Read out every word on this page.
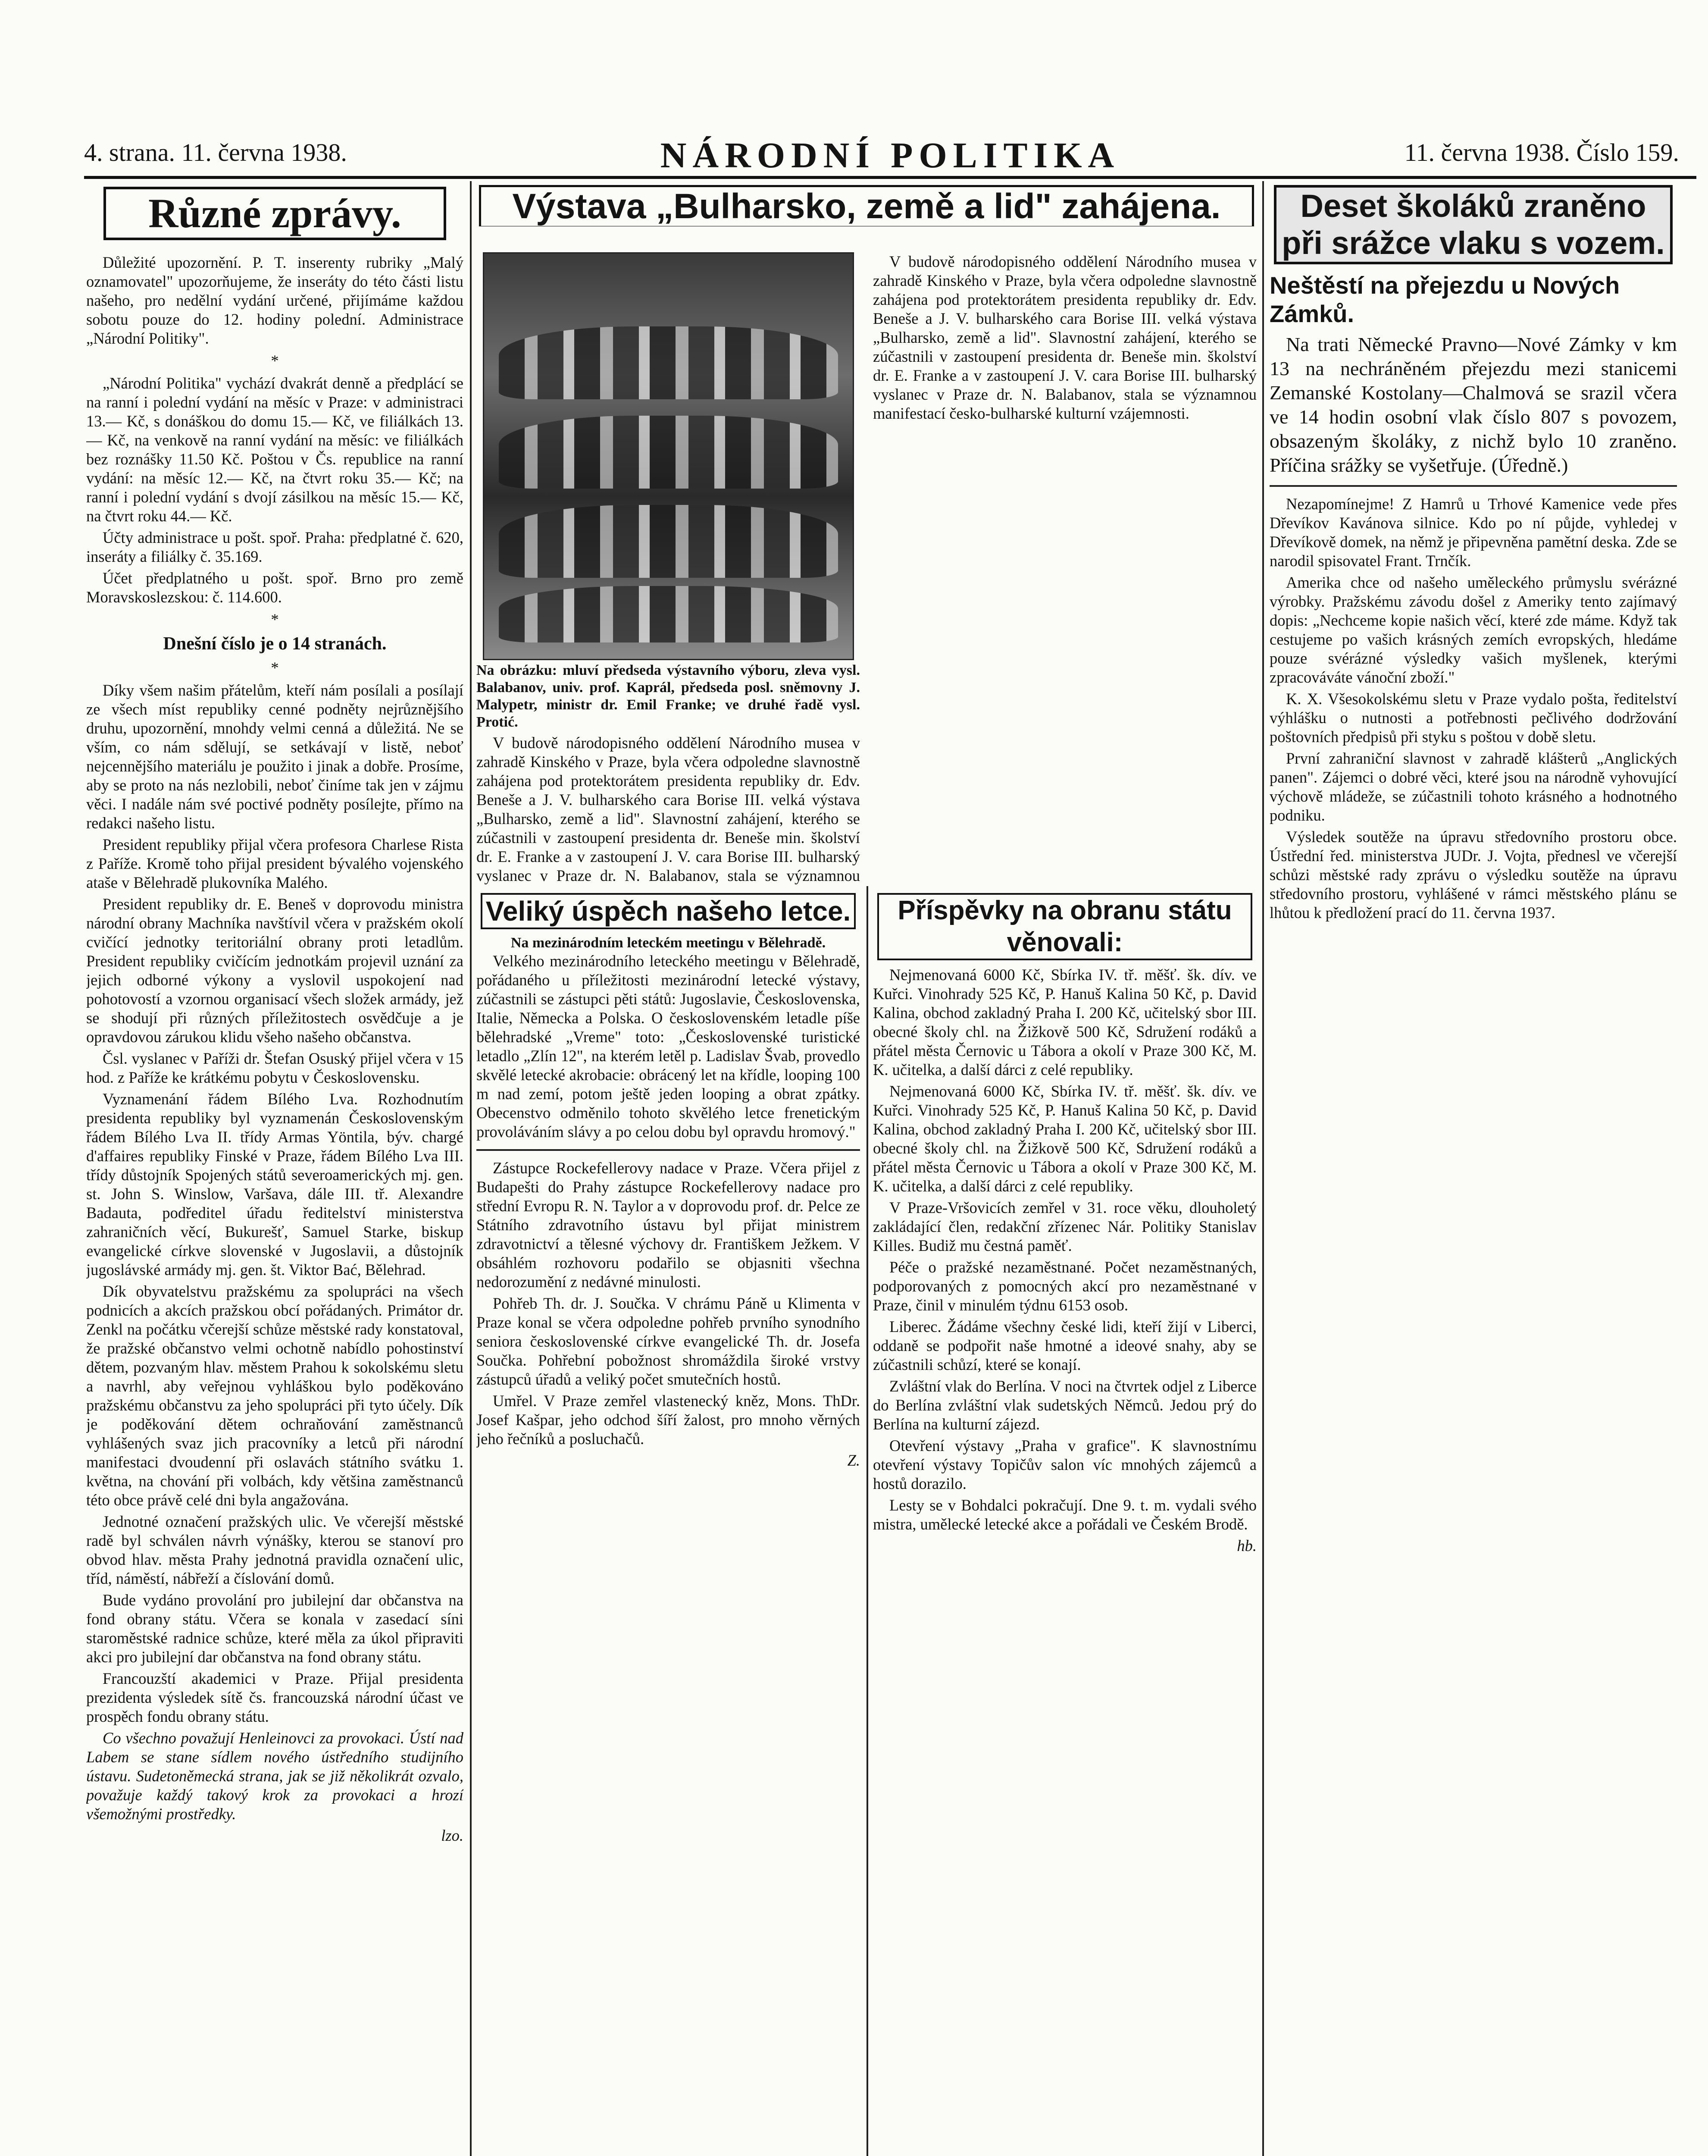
4. strana. 11. června 1938.	NÁRODNÍ POLITIKA	11. června 1938. Číslo 159.
Různé zprávy.

Důležité upozornění. P. T. inserenty rubriky „Malý oznamovatel" upozorňujeme, že inseráty do této části listu našeho, pro nedělní vydání určené, přijímáme každou sobotu pouze do 12. hodiny polední. Administrace „Národní Politiky".

*

„Národní Politika" vychází dvakrát denně a předplácí se na ranní i polední vydání na měsíc v Praze: v administraci 13.— Kč, s donáškou do domu 15.— Kč, ve filiálkách 13.— Kč, na venkově na ranní vydání na měsíc: ve filiálkách bez roznášky 11.50 Kč. Poštou v Čs. republice na ranní vydání: na měsíc 12.— Kč, na čtvrt roku 35.— Kč; na ranní i polední vydání s dvojí zásilkou na měsíc 15.— Kč, na čtvrt roku 44.— Kč.

Účty administrace u pošt. spoř. Praha: předplatné č. 620, inseráty a filiálky č. 35.169.

Účet předplatného u pošt. spoř. Brno pro země Moravskoslezskou: č. 114.600.

*

Dnešní číslo je o 14 stranách.

*

Díky všem našim přátelům, kteří nám posílali a posílají ze všech míst republiky cenné podněty nejrůznějšího druhu, upozornění, mnohdy velmi cenná a důležitá. Ne se vším, co nám sdělují, se setkávají v listě, neboť nejcennějšího materiálu je použito i jinak a dobře. Prosíme, aby se proto na nás nezlobili, neboť činíme tak jen v zájmu věci. I nadále nám své poctivé podněty posílejte, přímo na redakci našeho listu.

President republiky přijal včera profesora Charlese Rista z Paříže. Kromě toho přijal president bývalého vojenského ataše v Bělehradě plukovníka Malého.

President republiky dr. E. Beneš v doprovodu ministra národní obrany Machníka navštívil včera v pražském okolí cvičící jednotky teritoriální obrany proti letadlům. President republiky cvičícím jednotkám projevil uznání za jejich odborné výkony a vyslovil uspokojení nad pohotovostí a vzornou organisací všech složek armády, jež se shodují při různých příležitostech osvědčuje a je opravdovou zárukou klidu všeho našeho občanstva.

Čsl. vyslanec v Paříži dr. Štefan Osuský přijel včera v 15 hod. z Paříže ke krátkému pobytu v Československu.

Vyznamenání řádem Bílého Lva. Rozhodnutím presidenta republiky byl vyznamenán Československým řádem Bílého Lva II. třídy Armas Yöntila, býv. chargé d'affaires republiky Finské v Praze, řádem Bílého Lva III. třídy důstojník Spojených států severoamerických mj. gen. st. John S. Winslow, Varšava, dále III. tř. Alexandre Badauta, podředitel úřadu ředitelství ministerstva zahraničních věcí, Bukurešť, Samuel Starke, biskup evangelické církve slovenské v Jugoslavii, a důstojník jugoslávské armády mj. gen. št. Viktor Bać, Bělehrad.

Dík obyvatelstvu pražskému za spolupráci na všech podnicích a akcích pražskou obcí pořádaných. Primátor dr. Zenkl na počátku včerejší schůze městské rady konstatoval, že pražské občanstvo velmi ochotně nabídlo pohostinství dětem, pozvaným hlav. městem Prahou k sokolskému sletu a navrhl, aby veřejnou vyhláškou bylo poděkováno pražskému občanstvu za jeho spolupráci při tyto účely. Dík je poděkování dětem ochraňování zaměstnanců vyhlášených svaz jich pracovníky a letců při národní manifestaci dvoudenní při oslavách státního svátku 1. května, na chování při volbách, kdy většina zaměstnanců této obce právě celé dni byla angažována.

Jednotné označení pražských ulic. Ve včerejší městské radě byl schválen návrh výnášky, kterou se stanoví pro obvod hlav. města Prahy jednotná pravidla označení ulic, tříd, náměstí, nábřeží a číslování domů.

Bude vydáno provolání pro jubilejní dar občanstva na fond obrany státu. Včera se konala v zasedací síni staroměstské radnice schůze, které měla za úkol připraviti akci pro jubilejní dar občanstva na fond obrany státu.

Francouzští akademici v Praze. Přijal presidenta prezidenta výsledek sítě čs. francouzská národní účast ve prospěch fondu obrany státu.

Co všechno považují Henleinovci za provokaci. Ústí nad Labem se stane sídlem nového ústředního studijního ústavu. Sudetoněmecká strana, jak se již několikrát ozvalo, považuje každý takový krok za provokaci a hrozí všemožnými prostředky.

lzo.

Výstava „Bulharsko, země a lid" zahájena.

Na obrázku: mluví předseda výstavního výboru, zleva vysl. Balabanov, univ. prof. Kaprál, předseda posl. sněmovny J. Malypetr, ministr dr. Emil Franke; ve druhé řadě vysl. Protić.

V budově národopisného oddělení Národního musea v zahradě Kinského v Praze, byla včera odpoledne slavnostně zahájena pod protektorátem presidenta republiky dr. Edv. Beneše a J. V. bulharského cara Borise III. velká výstava „Bulharsko, země a lid". Slavnostní zahájení, kterého se zúčastnili v zastoupení presidenta dr. Beneše min. školství dr. E. Franke a v zastoupení J. V. cara Borise III. bulharský vyslanec v Praze dr. N. Balabanov, stala se významnou

V budově národopisného oddělení Národního musea v zahradě Kinského v Praze, byla včera odpoledne slavnostně zahájena pod protektorátem presidenta republiky dr. Edv. Beneše a J. V. bulharského cara Borise III. velká výstava „Bulharsko, země a lid". Slavnostní zahájení, kterého se zúčastnili v zastoupení presidenta dr. Beneše min. školství dr. E. Franke a v zastoupení J. V. cara Borise III. bulharský vyslanec v Praze dr. N. Balabanov, stala se významnou manifestací česko-bulharské kulturní vzájemnosti.

Veliký úspěch našeho letce.
Na mezinárodním leteckém meetingu v Bělehradě.

Velkého mezinárodního leteckého meetingu v Bělehradě, pořádaného u příležitosti mezinárodní letecké výstavy, zúčastnili se zástupci pěti států: Jugoslavie, Československa, Italie, Německa a Polska. O československém letadle píše bělehradské „Vreme" toto: „Československé turistické letadlo „Zlín 12", na kterém letěl p. Ladislav Švab, provedlo skvělé letecké akrobacie: obrácený let na křídle, looping 100 m nad zemí, potom ještě jeden looping a obrat zpátky. Obecenstvo odměnilo tohoto skvělého letce frenetickým provoláváním slávy a po celou dobu byl opravdu hromový."

Zástupce Rockefellerovy nadace v Praze. Včera přijel z Budapešti do Prahy zástupce Rockefellerovy nadace pro střední Evropu R. N. Taylor a v doprovodu prof. dr. Pelce ze Státního zdravotního ústavu byl přijat ministrem zdravotnictví a tělesné výchovy dr. Františkem Ježkem. V obsáhlém rozhovoru podařilo se objasniti všechna nedorozumění z nedávné minulosti.

Pohřeb Th. dr. J. Součka. V chrámu Páně u Klimenta v Praze konal se včera odpoledne pohřeb prvního synodního seniora československé církve evangelické Th. dr. Josefa Součka. Pohřební pobožnost shromáždila široké vrstvy zástupců úřadů a veliký počet smutečních hostů.

Umřel. V Praze zemřel vlastenecký kněz, Mons. ThDr. Josef Kašpar, jeho odchod šíří žalost, pro mnoho věrných jeho řečníků a posluchačů.

Z.

Příspěvky na obranu státu věnovali:

Nejmenovaná 6000 Kč, Sbírka IV. tř. měšť. šk. dív. ve Kuřci. Vinohrady 525 Kč, P. Hanuš Kalina 50 Kč, p. David Kalina, obchod zakladný Praha I. 200 Kč, učitelský sbor III. obecné školy chl. na Žižkově 500 Kč, Sdružení rodáků a přátel města Černovic u Tábora a okolí v Praze 300 Kč, M. K. učitelka, a další dárci z celé republiky.

Nejmenovaná 6000 Kč, Sbírka IV. tř. měšť. šk. dív. ve Kuřci. Vinohrady 525 Kč, P. Hanuš Kalina 50 Kč, p. David Kalina, obchod zakladný Praha I. 200 Kč, učitelský sbor III. obecné školy chl. na Žižkově 500 Kč, Sdružení rodáků a přátel města Černovic u Tábora a okolí v Praze 300 Kč, M. K. učitelka, a další dárci z celé republiky.

V Praze-Vršovicích zemřel v 31. roce věku, dlouholetý zakládající člen, redakční zřízenec Nár. Politiky Stanislav Killes. Budiž mu čestná paměť.

Péče o pražské nezaměstnané. Počet nezaměstnaných, podporovaných z pomocných akcí pro nezaměstnané v Praze, činil v minulém týdnu 6153 osob.

Liberec. Žádáme všechny české lidi, kteří žijí v Liberci, oddaně se podpořit naše hmotné a ideové snahy, aby se zúčastnili schůzí, které se konají.

Zvláštní vlak do Berlína. V noci na čtvrtek odjel z Liberce do Berlína zvláštní vlak sudetských Němců. Jedou prý do Berlína na kulturní zájezd.

Otevření výstavy „Praha v grafice". K slavnostnímu otevření výstavy Topičův salon víc mnohých zájemců a hostů dorazilo.

Lesty se v Bohdalci pokračují. Dne 9. t. m. vydali svého mistra, umělecké letecké akce a pořádali ve Českém Brodě.

hb.

Deset školáků zraněno při srážce vlaku s vozem.
Neštěstí na přejezdu u Nových Zámků.

Na trati Německé Pravno—Nové Zámky v km 13 na nechráněném přejezdu mezi stanicemi Zemanské Kostolany—Chalmová se srazil včera ve 14 hodin osobní vlak číslo 807 s povozem, obsazeným školáky, z nichž bylo 10 zraněno. Příčina srážky se vyšetřuje. (Úředně.)

Nezapomínejme! Z Hamrů u Trhové Kamenice vede přes Dřevíkov Kavánova silnice. Kdo po ní půjde, vyhledej v Dřevíkově domek, na němž je připevněna pamětní deska. Zde se narodil spisovatel Frant. Trnčík.

Amerika chce od našeho uměleckého průmyslu svérázné výrobky. Pražskému závodu došel z Ameriky tento zajímavý dopis: „Nechceme kopie našich věcí, které zde máme. Když tak cestujeme po vašich krásných zemích evropských, hledáme pouze svérázné výsledky vašich myšlenek, kterými zpracováváte vánoční zboží."

K. X. Všesokolskému sletu v Praze vydalo pošta, ředitelství výhlášku o nutnosti a potřebnosti pečlivého dodržování poštovních předpisů při styku s poštou v době sletu.

První zahraniční slavnost v zahradě klášterů „Anglických panen". Zájemci o dobré věci, které jsou na národně vyhovující výchově mládeže, se zúčastnili tohoto krásného a hodnotného podniku.

Výsledek soutěže na úpravu středovního prostoru obce. Ústřední řed. ministerstva JUDr. J. Vojta, přednesl ve včerejší schůzi městské rady zprávu o výsledku soutěže na úpravu středovního prostoru, vyhlášené v rámci městského plánu se lhůtou k předložení prací do 11. června 1937.
